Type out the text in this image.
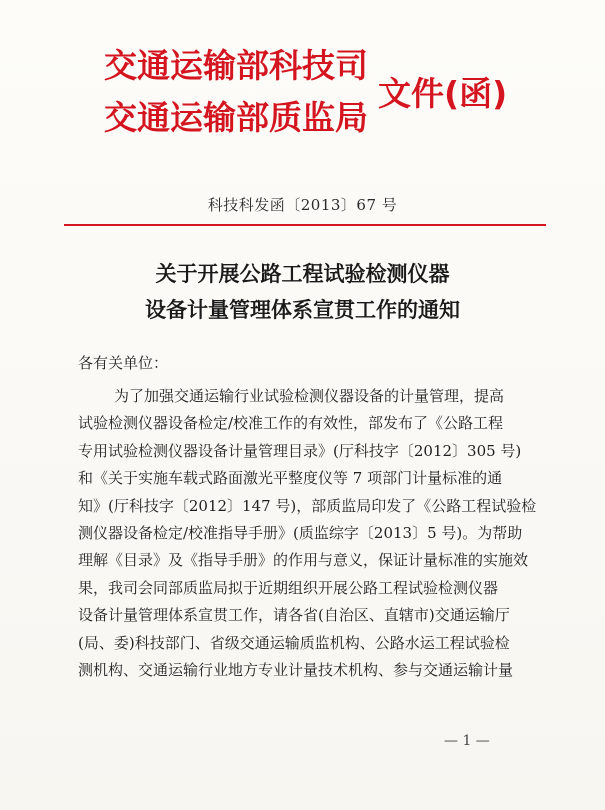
交通运输部科技司
交通运输部质监局
文件(函)
科技科发函〔2013〕67 号
关于开展公路工程试验检测仪器
设备计量管理体系宣贯工作的通知
各有关单位：
为了加强交通运输行业试验检测仪器设备的计量管理，提高
试验检测仪器设备检定/校准工作的有效性，部发布了《公路工程
专用试验检测仪器设备计量管理目录》(厅科技字〔2012〕305 号)
和《关于实施车载式路面激光平整度仪等 7 项部门计量标准的通
知》(厅科技字〔2012〕147 号)，部质监局印发了《公路工程试验检
测仪器设备检定/校准指导手册》(质监综字〔2013〕5 号)。为帮助
理解《目录》及《指导手册》的作用与意义，保证计量标准的实施效
果，我司会同部质监局拟于近期组织开展公路工程试验检测仪器
设备计量管理体系宣贯工作，请各省(自治区、直辖市)交通运输厅
(局、委)科技部门、省级交通运输质监机构、公路水运工程试验检
测机构、交通运输行业地方专业计量技术机构、参与交通运输计量
— 1 —
